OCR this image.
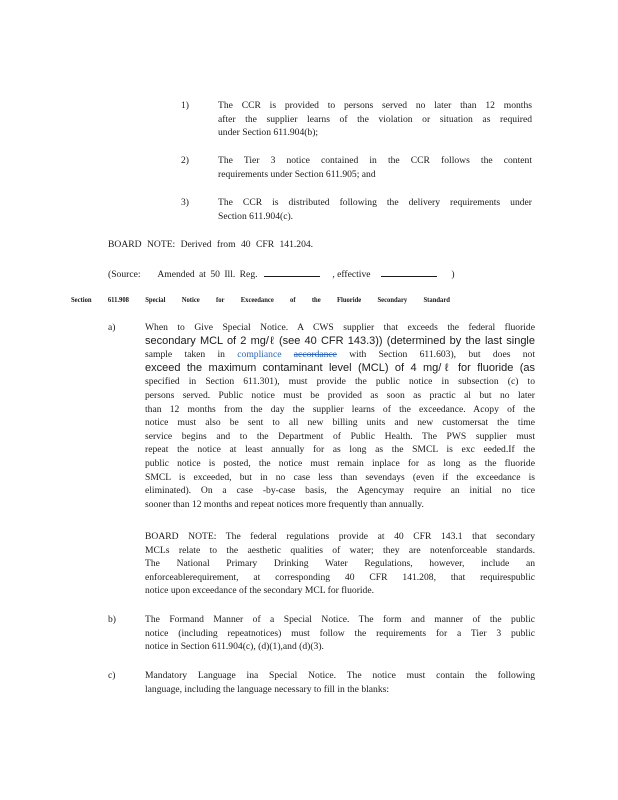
1)	The CCR is provided to persons served no later than 12 months
after the supplier learns of the violation or situation as required
under Section 611.904(b);
2)	The Tier 3 notice contained in the CCR follows the content
requirements under Section 611.905; and
3)	The CCR is distributed following the delivery requirements under
Section 611.904(c).
BOARD NOTE: Derived from 40 CFR 141.204.
(Source: Amended at 50 Ill. Reg.	, effective	)
Section 611.908 Special Notice for Exceedance of the Fluoride Secondary Standard
a)	When to Give Special Notice. A CWS supplier that exceeds the federal fluoride
secondary MCL of 2 mg/ℓ (see 40 CFR 143.3)) (determined by the last single
sample taken in compliance accordance with Section 611.603), but does not
exceed the maximum contaminant level (MCL) of 4 mg/ℓ for fluoride (as
specified in Section 611.301), must provide the public notice in subsection (c) to
persons served. Public notice must be provided as soon as practic al but no later
than 12 months from the day the supplier learns of the exceedance. Acopy of the
notice must also be sent to all new billing units and new customersat the time
service begins and to the Department of Public Health. The PWS supplier must
repeat the notice at least annually for as long as the SMCL is exc eeded.If the
public notice is posted, the notice must remain inplace for as long as the fluoride
SMCL is exceeded, but in no case less than sevendays (even if the exceedance is
eliminated). On a case -by-case basis, the Agencymay require an initial no tice
sooner than 12 months and repeat notices more frequently than annually.
BOARD NOTE: The federal regulations provide at 40 CFR 143.1 that secondary
MCLs relate to the aesthetic qualities of water; they are notenforceable standards.
The National Primary Drinking Water Regulations, however, include an
enforceablerequirement, at corresponding 40 CFR 141.208, that requirespublic
notice upon exceedance of the secondary MCL for fluoride.
b)	The Formand Manner of a Special Notice. The form and manner of the public
notice (including repeatnotices) must follow the requirements for a Tier 3 public
notice in Section 611.904(c), (d)(1),and (d)(3).
c)	Mandatory Language ina Special Notice. The notice must contain the following
language, including the language necessary to fill in the blanks:
